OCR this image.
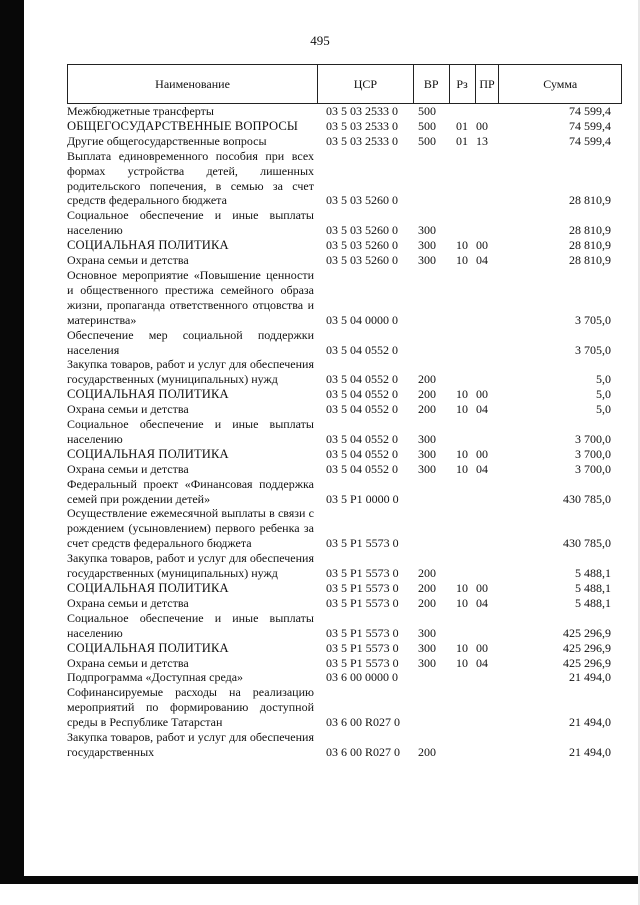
495
Наименование	ЦСР	ВР	Рз ПР	Сумма
Межбюджетные трансферты	03 5 03 2533 0	500	74 599,4
ОБЩЕГОСУДАРСТВЕННЫЕ ВОПРОСЫ	03 5 03 2533 0	500	01 00	74 599,4
Другие общегосударственные вопросы	03 5 03 2533 0	500	01 13	74 599,4
Выплата единовременного пособия при всех формах устройства детей, лишенных родительского попечения, в семью за счет средств федерального бюджета	03 5 03 5260 0	28 810,9
Социальное обеспечение и иные выплаты населению	03 5 03 5260 0	300	28 810,9
СОЦИАЛЬНАЯ ПОЛИТИКА	03 5 03 5260 0	300	10 00	28 810,9
Охрана семьи и детства	03 5 03 5260 0	300	10 04	28 810,9
Основное мероприятие «Повышение ценности и общественного престижа семейного образа жизни, пропаганда ответственного отцовства и материнства»	03 5 04 0000 0	3 705,0
Обеспечение мер социальной поддержки населения	03 5 04 0552 0	3 705,0
Закупка товаров, работ и услуг для обеспечения государственных (муниципальных) нужд	03 5 04 0552 0	200	5,0
СОЦИАЛЬНАЯ ПОЛИТИКА	03 5 04 0552 0	200	10 00	5,0
Охрана семьи и детства	03 5 04 0552 0	200	10 04	5,0
Социальное обеспечение и иные выплаты населению	03 5 04 0552 0	300	3 700,0
СОЦИАЛЬНАЯ ПОЛИТИКА	03 5 04 0552 0	300	10 00	3 700,0
Охрана семьи и детства	03 5 04 0552 0	300	10 04	3 700,0
Федеральный проект «Финансовая поддержка семей при рождении детей»	03 5 P1 0000 0	430 785,0
Осуществление ежемесячной выплаты в связи с рождением (усыновлением) первого ребенка за счет средств федерального бюджета	03 5 P1 5573 0	430 785,0
Закупка товаров, работ и услуг для обеспечения государственных (муниципальных) нужд	03 5 P1 5573 0	200	5 488,1
СОЦИАЛЬНАЯ ПОЛИТИКА	03 5 P1 5573 0	200	10 00	5 488,1
Охрана семьи и детства	03 5 P1 5573 0	200	10 04	5 488,1
Социальное обеспечение и иные выплаты населению	03 5 P1 5573 0	300	425 296,9
СОЦИАЛЬНАЯ ПОЛИТИКА	03 5 P1 5573 0	300	10 00	425 296,9
Охрана семьи и детства	03 5 P1 5573 0	300	10 04	425 296,9
Подпрограмма «Доступная среда»	03 6 00 0000 0	21 494,0
Софинансируемые расходы на реализацию мероприятий по формированию доступной среды в Республике Татарстан	03 6 00 R027 0	21 494,0
Закупка товаров, работ и услуг для обеспечения государственных	03 6 00 R027 0	200	21 494,0
